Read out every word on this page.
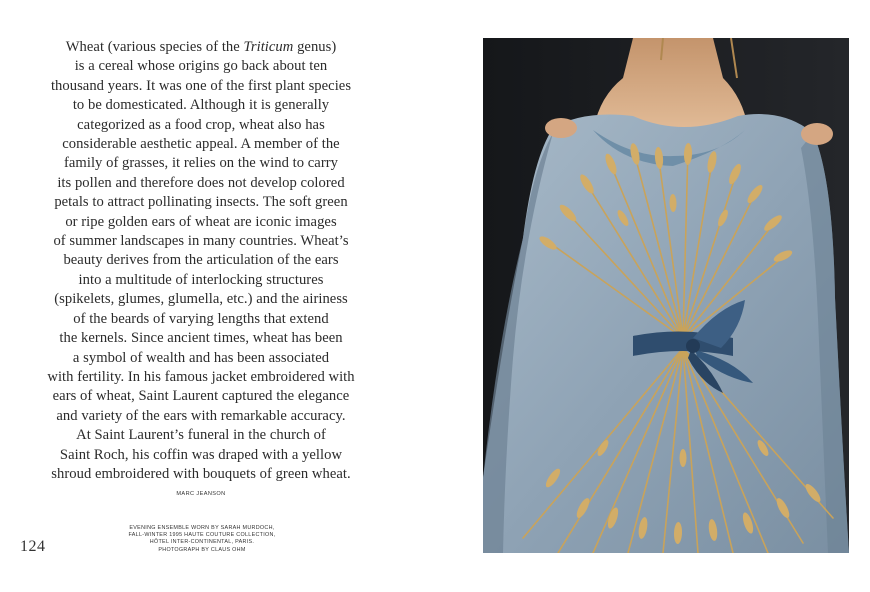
Wheat (various species of the Triticum genus)
is a cereal whose origins go back about ten
thousand years. It was one of the first plant species
to be domesticated. Although it is generally
categorized as a food crop, wheat also has
considerable aesthetic appeal. A member of the
family of grasses, it relies on the wind to carry
its pollen and therefore does not develop colored
petals to attract pollinating insects. The soft green
or ripe golden ears of wheat are iconic images
of summer landscapes in many countries. Wheat’s
beauty derives from the articulation of the ears
into a multitude of interlocking structures
(spikelets, glumes, glumella, etc.) and the airiness
of the beards of varying lengths that extend
the kernels. Since ancient times, wheat has been
a symbol of wealth and has been associated
with fertility. In his famous jacket embroidered with
ears of wheat, Saint Laurent captured the elegance
and variety of the ears with remarkable accuracy.
At Saint Laurent’s funeral in the church of
Saint Roch, his coffin was draped with a yellow
shroud embroidered with bouquets of green wheat.
MARC JEANSON
EVENING ENSEMBLE WORN BY SARAH MURDOCH,
FALL-WINTER 1995 HAUTE COUTURE COLLECTION,
HÔTEL INTER-CONTINENTAL, PARIS.
PHOTOGRAPH BY CLAUS OHM
124
